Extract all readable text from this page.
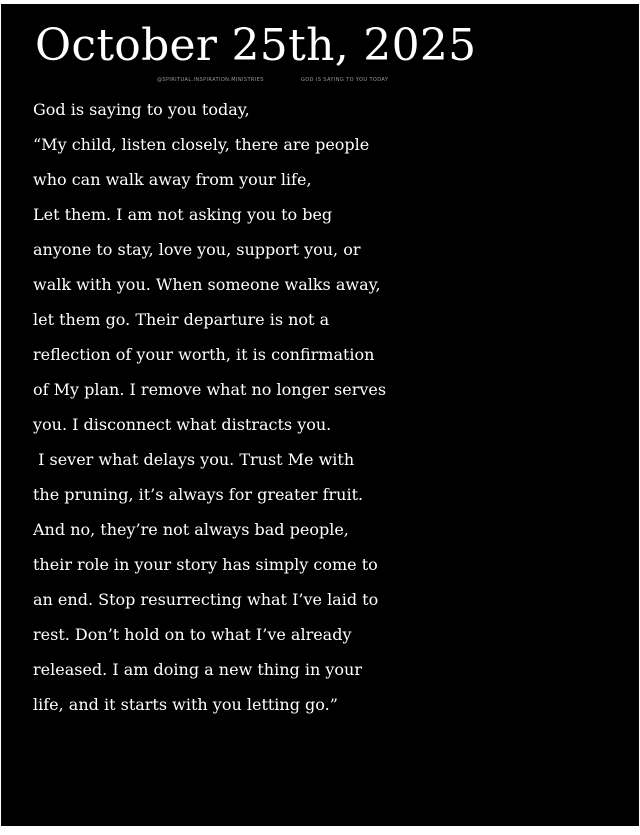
October 25th, 2025
@SPIRITUAL.INSPIRATION.MINISTRIES	GOD IS SAYING TO YOU TODAY
God is saying to you today,
“My child, listen closely, there are people
who can walk away from your life,
Let them. I am not asking you to beg
anyone to stay, love you, support you, or
walk with you. When someone walks away,
let them go. Their departure is not a
reflection of your worth, it is confirmation
of My plan. I remove what no longer serves
you. I disconnect what distracts you.
I sever what delays you. Trust Me with
the pruning, it’s always for greater fruit.
And no, they’re not always bad people,
their role in your story has simply come to
an end. Stop resurrecting what I’ve laid to
rest. Don’t hold on to what I’ve already
released. I am doing a new thing in your
life, and it starts with you letting go.”
